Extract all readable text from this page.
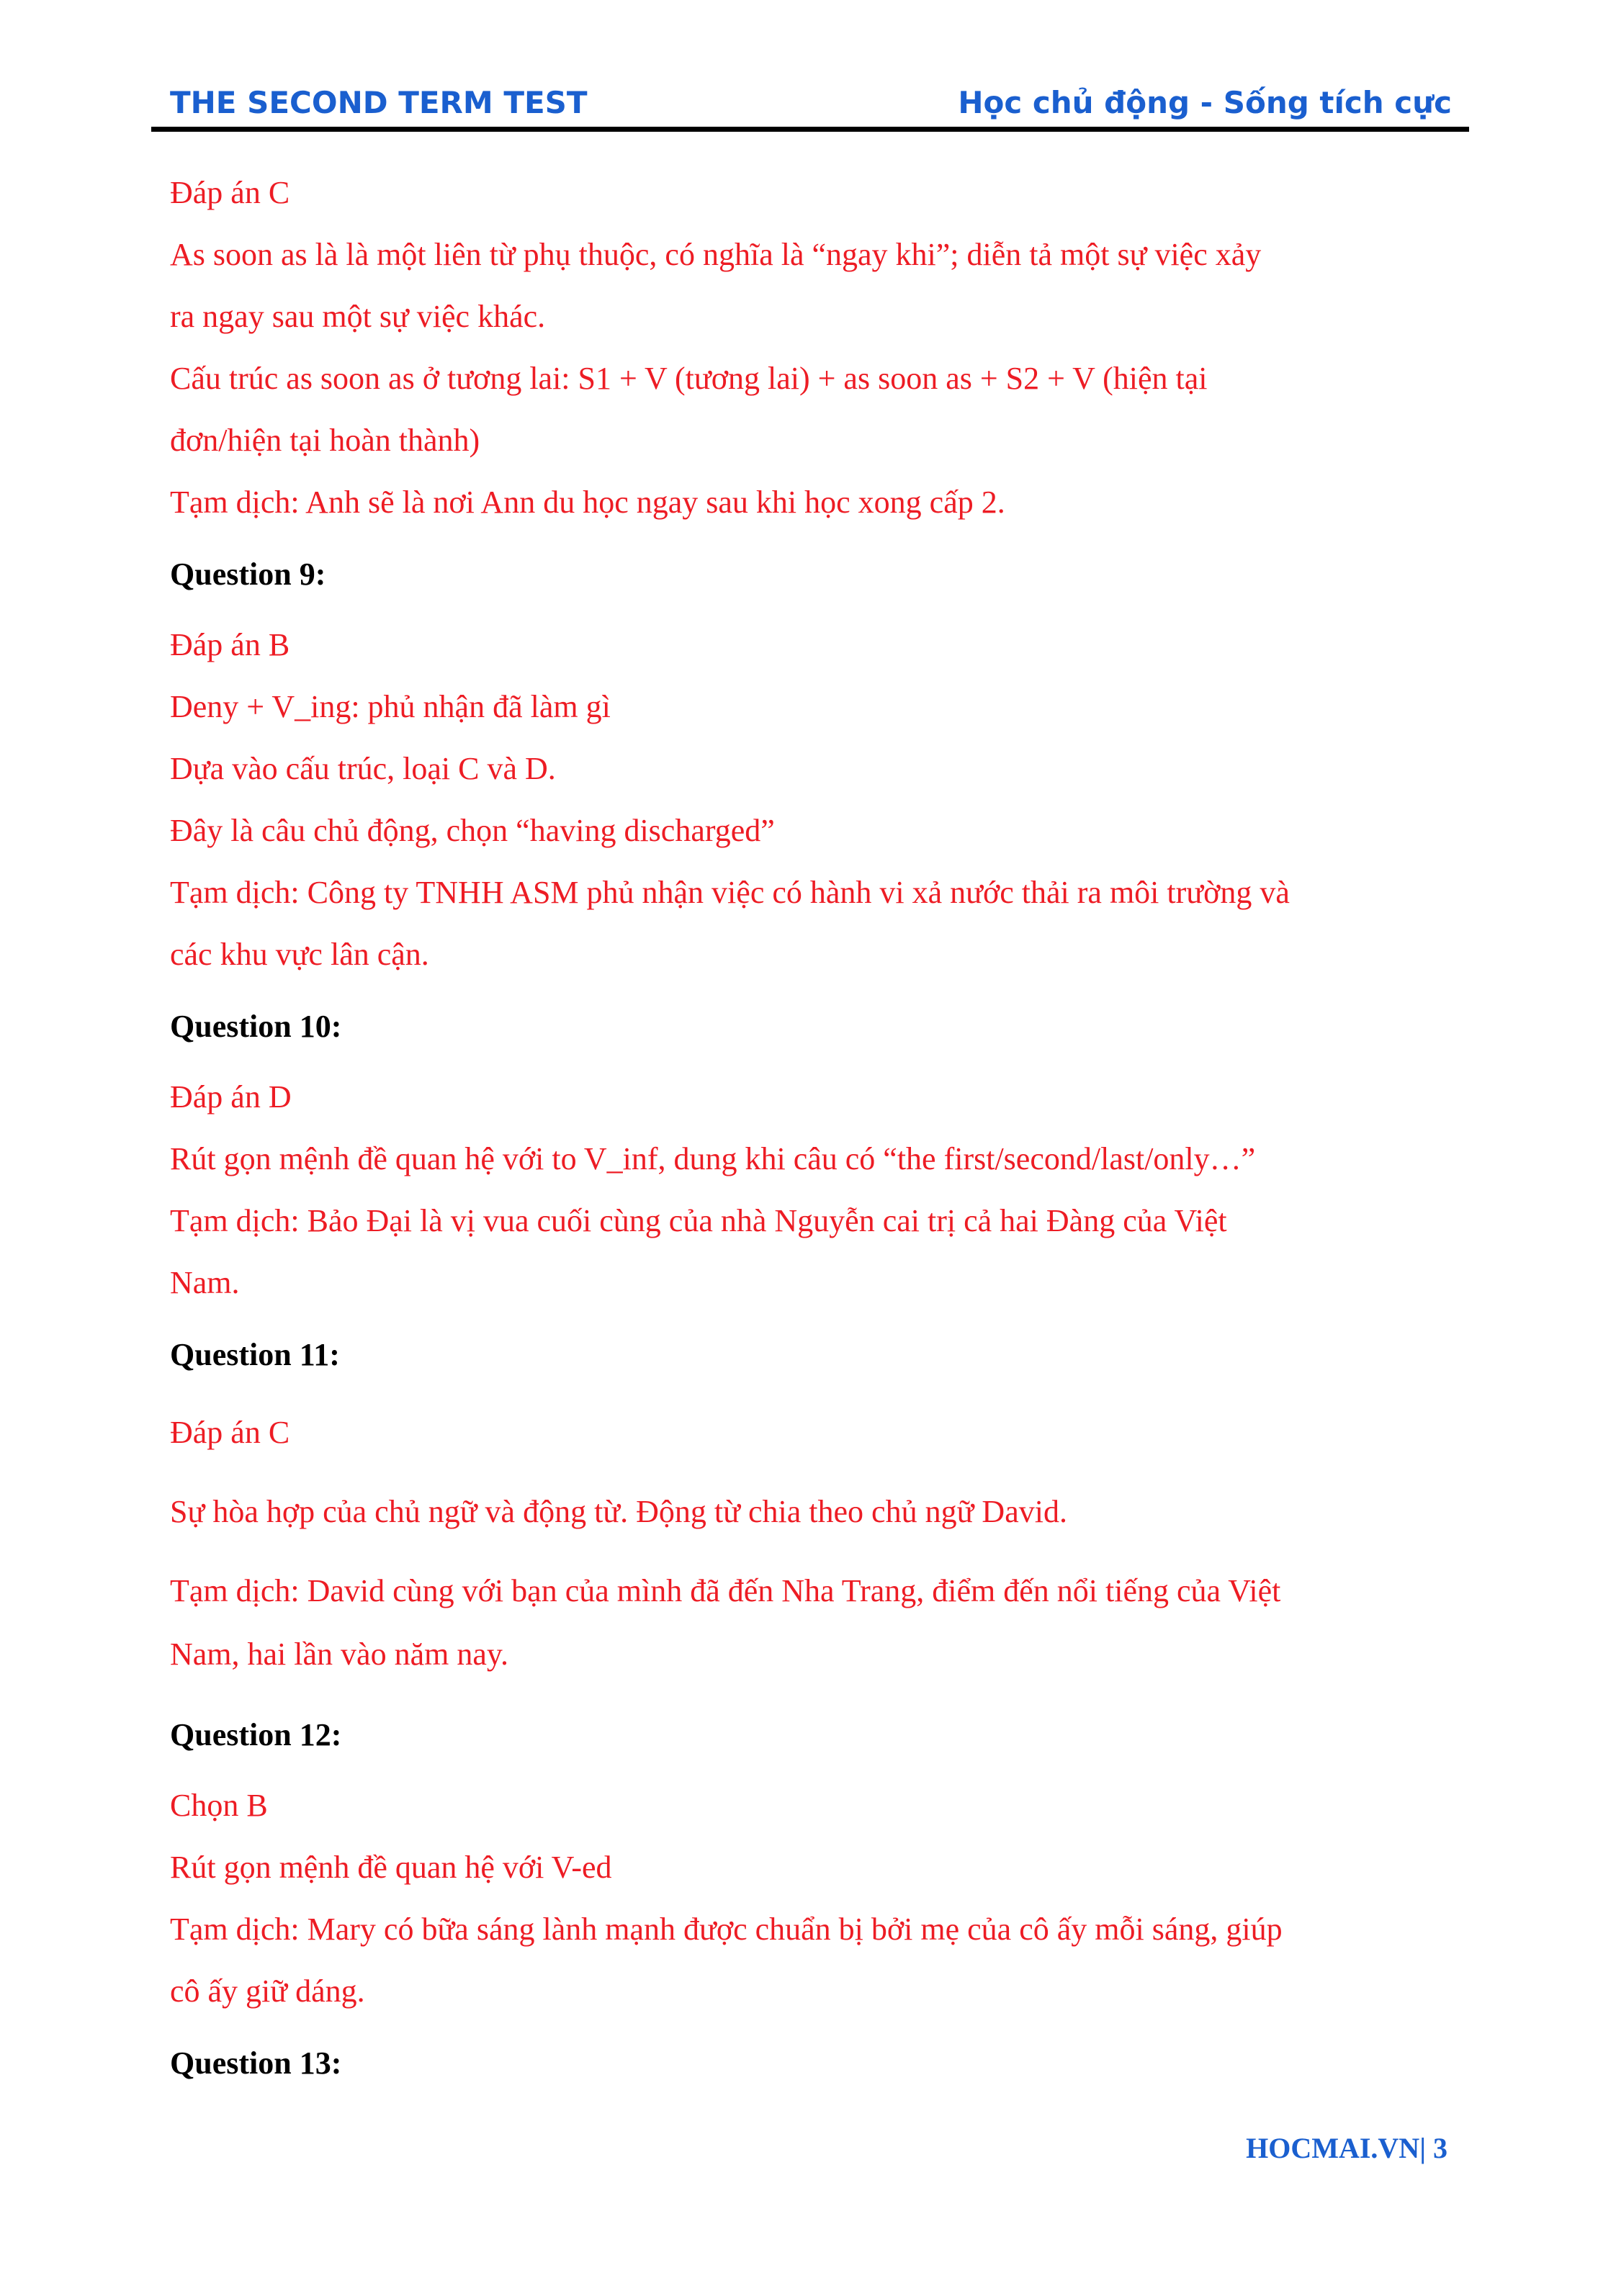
THE SECOND TERM TEST	Học chủ động - Sống tích cực
Đáp án C
As soon as là là một liên từ phụ thuộc, có nghĩa là “ngay khi”; diễn tả một sự việc xảy
ra ngay sau một sự việc khác.
Cấu trúc as soon as ở tương lai: S1 + V (tương lai) + as soon as + S2 + V (hiện tại
đơn/hiện tại hoàn thành)
Tạm dịch: Anh sẽ là nơi Ann du học ngay sau khi học xong cấp 2.
Question 9:
Đáp án B
Deny + V_ing: phủ nhận đã làm gì
Dựa vào cấu trúc, loại C và D.
Đây là câu chủ động, chọn “having discharged”
Tạm dịch: Công ty TNHH ASM phủ nhận việc có hành vi xả nước thải ra môi trường và
các khu vực lân cận.
Question 10:
Đáp án D
Rút gọn mệnh đề quan hệ với to V_inf, dung khi câu có “the first/second/last/only…”
Tạm dịch: Bảo Đại là vị vua cuối cùng của nhà Nguyễn cai trị cả hai Đàng của Việt
Nam.
Question 11:
Đáp án C
Sự hòa hợp của chủ ngữ và động từ. Động từ chia theo chủ ngữ David.
Tạm dịch: David cùng với bạn của mình đã đến Nha Trang, điểm đến nổi tiếng của Việt
Nam, hai lần vào năm nay.
Question 12:
Chọn B
Rút gọn mệnh đề quan hệ với V-ed
Tạm dịch: Mary có bữa sáng lành mạnh được chuẩn bị bởi mẹ của cô ấy mỗi sáng, giúp
cô ấy giữ dáng.
Question 13:
HOCMAI.VN| 3
